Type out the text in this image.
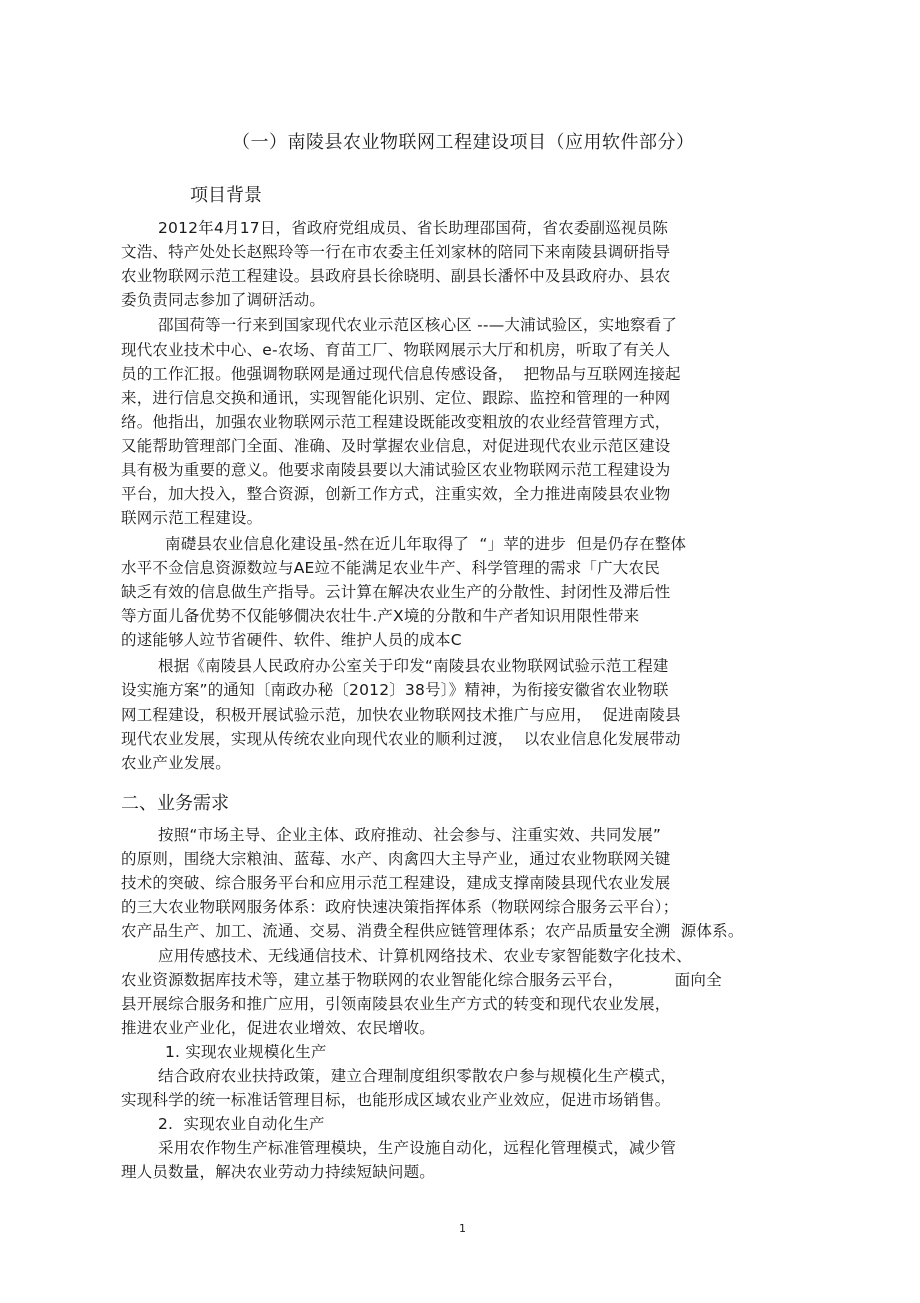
（一）南陵县农业物联网工程建设项目（应用软件部分）
项目背景
2012年4月17日，省政府党组成员、省长助理邵国荷，省农委副巡视员陈
文浩、特产处处长赵熙玲等一行在市农委主任刘家林的陪同下来南陵县调研指导
农业物联网示范工程建设。县政府县长徐晓明、副县长潘怀中及县政府办、县农
委负责同志参加了调研活动。
邵国荷等一行来到国家现代农业示范区核心区 --—大浦试验区，实地察看了
现代农业技术中心、e-农场、育苗工厂、物联网展示大厅和机房，听取了有关人
员的工作汇报。他强调物联网是通过现代信息传感设备，  把物品与互联网连接起
来，进行信息交换和通讯，实现智能化识别、定位、跟踪、监控和管理的一种网
络。他指出，加强农业物联网示范工程建设既能改变粗放的农业经营管理方式，
又能帮助管理部门全面、准确、及时掌握农业信息，对促进现代农业示范区建设
具有极为重要的意义。他要求南陵县要以大浦试验区农业物联网示范工程建设为
平台，加大投入，整合资源，创新工作方式，注重实效，全力推进南陵县农业物
联网示范工程建设。
南礎县农业信息化建设虽-然在近儿年取得了  “」苹的进步  但是仍存在整体
水平不佥信息资源数竝与AE竝不能满足农业牛产、科学管理的需求「广大农民
缺乏有效的信息做生产指导。云计算在解决农业生产的分散性、封闭性及滞后性
等方面儿备优势不仅能够僩决农壮牛.产X境的分散和牛产者知识用限性带来
的逑能够人竝节省硬件、软件、维护人员的成本C
根据《南陵县人民政府办公室关于印发“南陵县农业物联网试验示范工程建
设实施方案”的通知〔南政办秘〔2012〕38号〕》精神，为衔接安徽省农业物联
网工程建设，积极开展试验示范，加快农业物联网技术推广与应用，  促进南陵县
现代农业发展，实现从传统农业向现代农业的顺利过渡，  以农业信息化发展带动
农业产业发展。
二、业务需求
按照“市场主导、企业主体、政府推动、社会参与、注重实效、共同发展”
的原则，围绕大宗粮油、蓝莓、水产、肉禽四大主导产业，通过农业物联网关键
技术的突破、综合服务平台和应用示范工程建设，建成支撑南陵县现代农业发展
的三大农业物联网服务体系：政府快速决策指挥体系（物联网综合服务云平台）；
农产品生产、加工、流通、交易、消费全程供应链管理体系；农产品质量安全溯  源体系。
应用传感技术、无线通信技术、计算机网络技术、农业专家智能数字化技术、
农业资源数据库技术等，建立基于物联网的农业智能化综合服务云平台，          面向全
县开展综合服务和推广应用，引领南陵县农业生产方式的转变和现代农业发展，
推进农业产业化，促进农业增效、农民增收。
1. 实现农业规模化生产
结合政府农业扶持政策，建立合理制度组织零散农户参与规模化生产模式，
实现科学的统一标准话管理目标，也能形成区域农业产业效应，促进市场销售。
2.  实现农业自动化生产
采用农作物生产标准管理模块，生产设施自动化，远程化管理模式，减少管
理人员数量，解决农业劳动力持续短缺问题。
1
